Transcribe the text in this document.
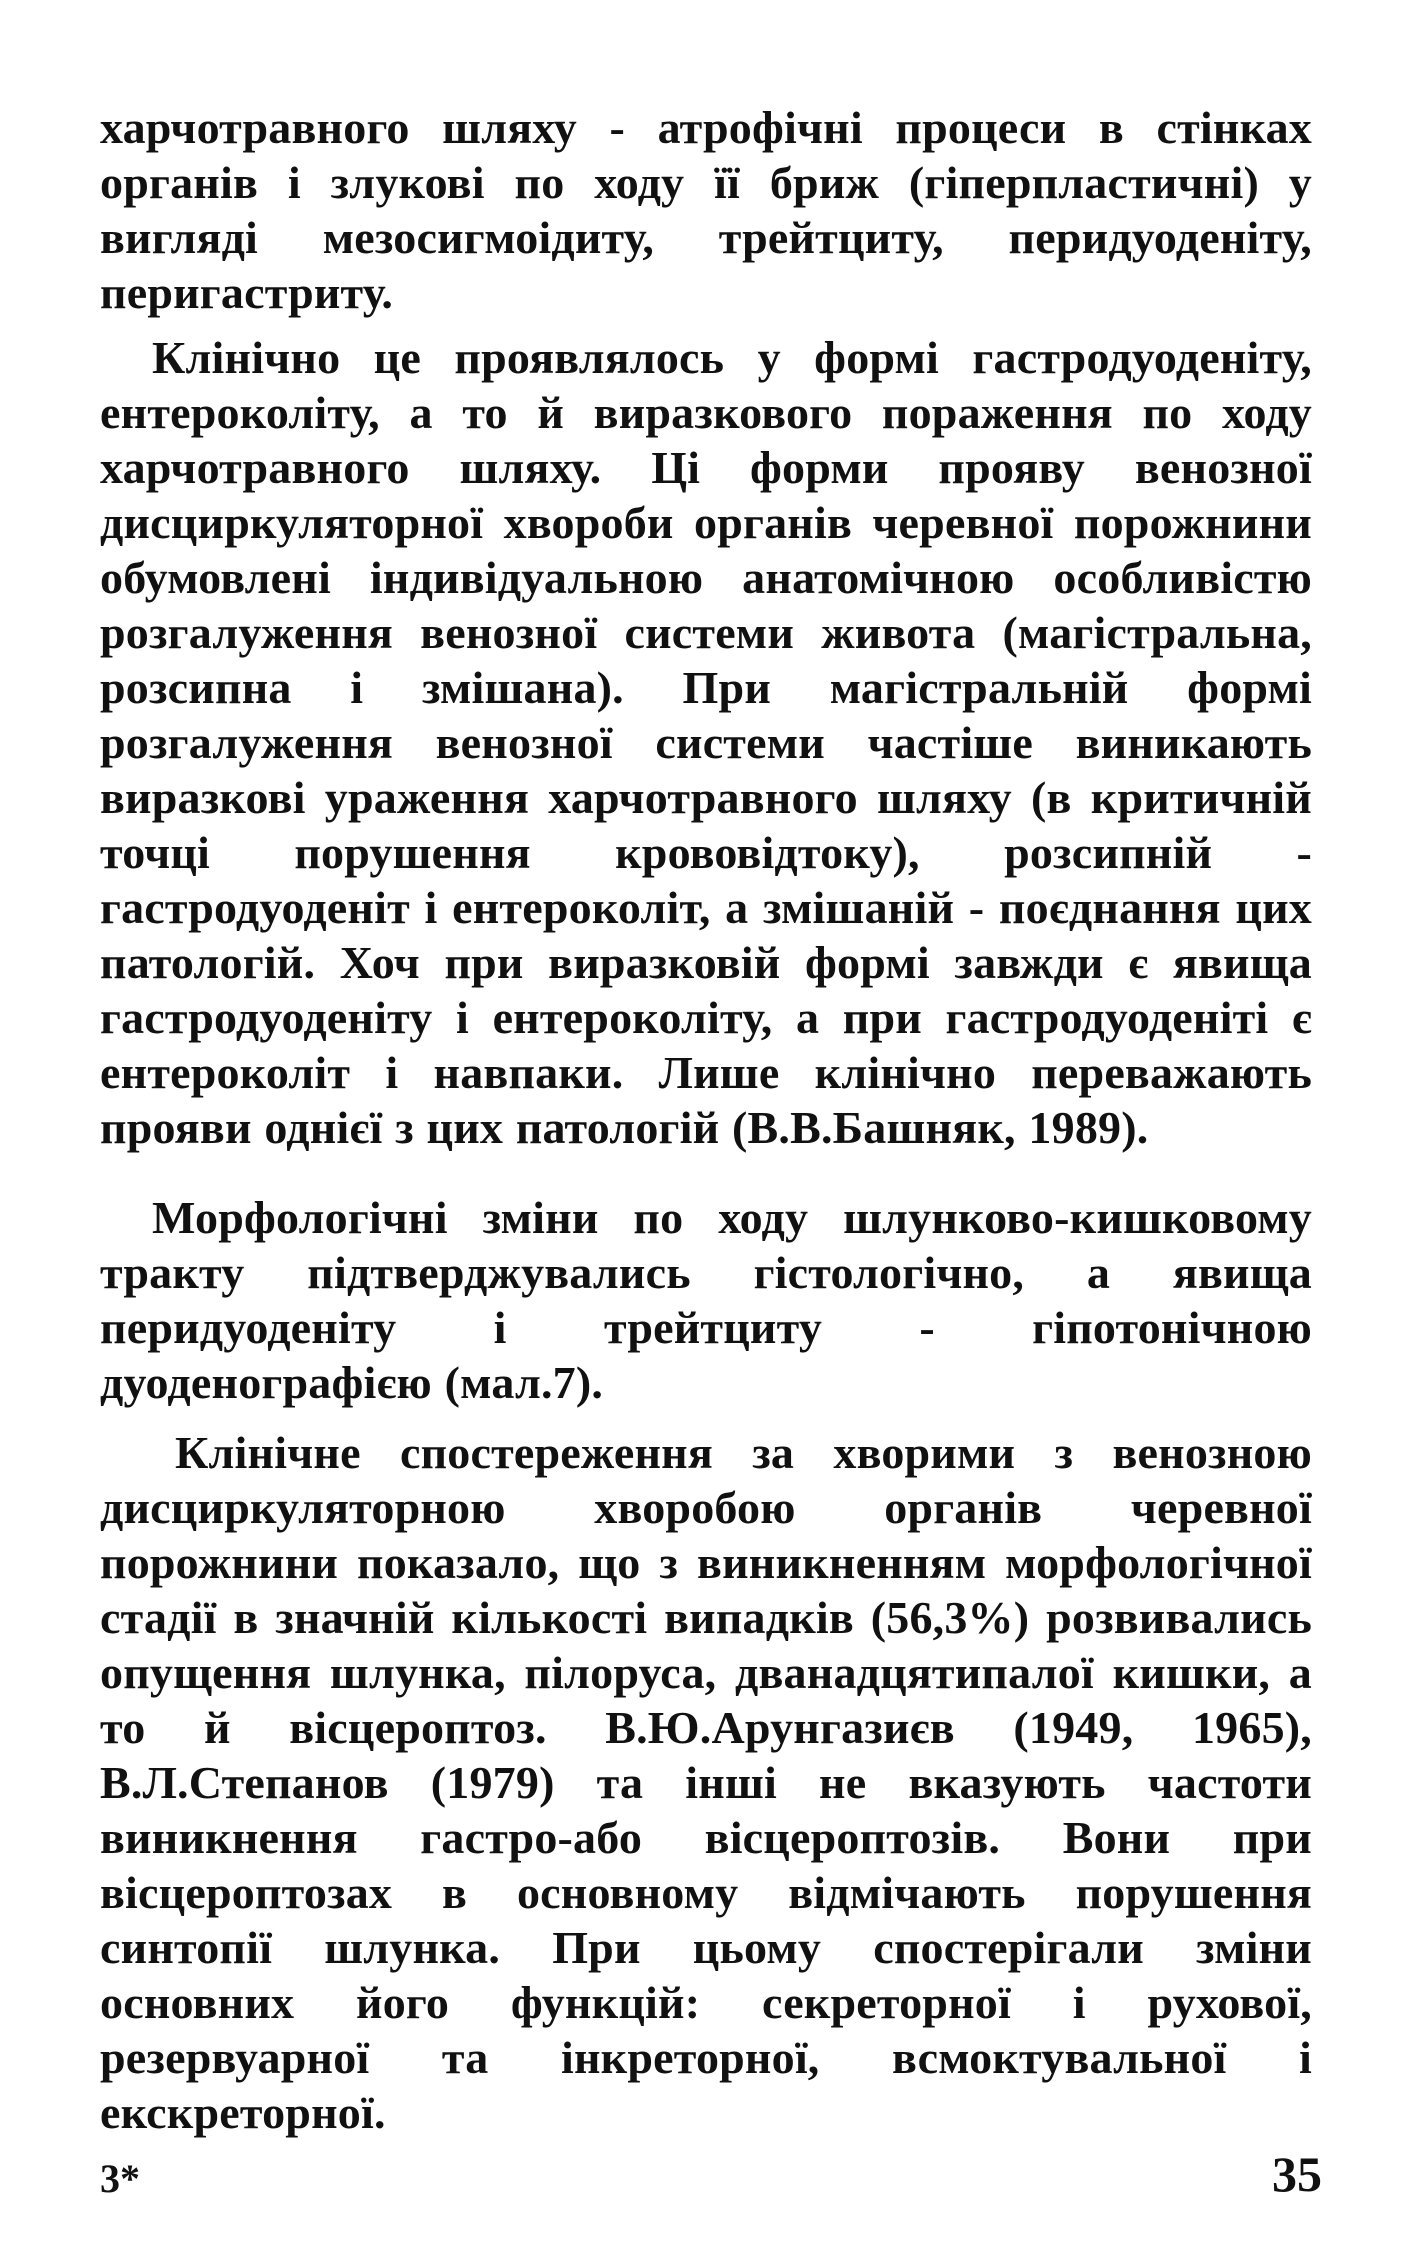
харчотравного шляху - атрофічні процеси в стінках органів і злукові по ходу її бриж (гіперпластичні) у вигляді мезосигмоідиту, трейтциту, перидуоденіту, перигастриту.

Клінічно це проявлялось у формі гастродуоденіту, ентероколіту, а то й виразкового пораження по ходу харчотравного шляху. Ці форми прояву венозної дисциркуляторної хвороби органів черевної порожнини обумовлені індивідуальною анатомічною особливістю розгалуження венозної системи живота (магістральна, розсипна і змішана). При магістральній формі розгалуження венозної системи частіше виникають виразкові ураження харчотравного шляху (в критичній точці порушення крововідтоку), розсипній - гастродуоденіт і ентероколіт, а змішаній - поєднання цих патологій. Хоч при виразковій формі завжди є явища гастродуоденіту і ентероколіту, а при гастродуоденіті є ентероколіт і навпаки. Лише клінічно переважають прояви однієї з цих патологій (В.В.Башняк, 1989).

Морфологічні зміни по ходу шлунково-кишковому тракту підтверджувались гістологічно, а явища перидуоденіту і трейтциту - гіпотонічною дуоденографією (мал.7).

Клінічне спостереження за хворими з венозною дисциркуляторною хворобою органів черевної порожнини показало, що з виникненням морфологічної стадії в значній кількості випадків (56,3%) розвивались опущення шлунка, пілоруса, дванадцятипалої кишки, а то й вісцероптоз. В.Ю.Арунгазиєв (1949, 1965), В.Л.Степанов (1979) та інші не вказують частоти виникнення гастро-або вісцероптозів. Вони при вісцероптозах в основному відмічають порушення синтопії шлунка. При цьому спостерігали зміни основних його функцій: секреторної і рухової, резервуарної та інкреторної, всмоктувальної і екскреторної.

3*	35
